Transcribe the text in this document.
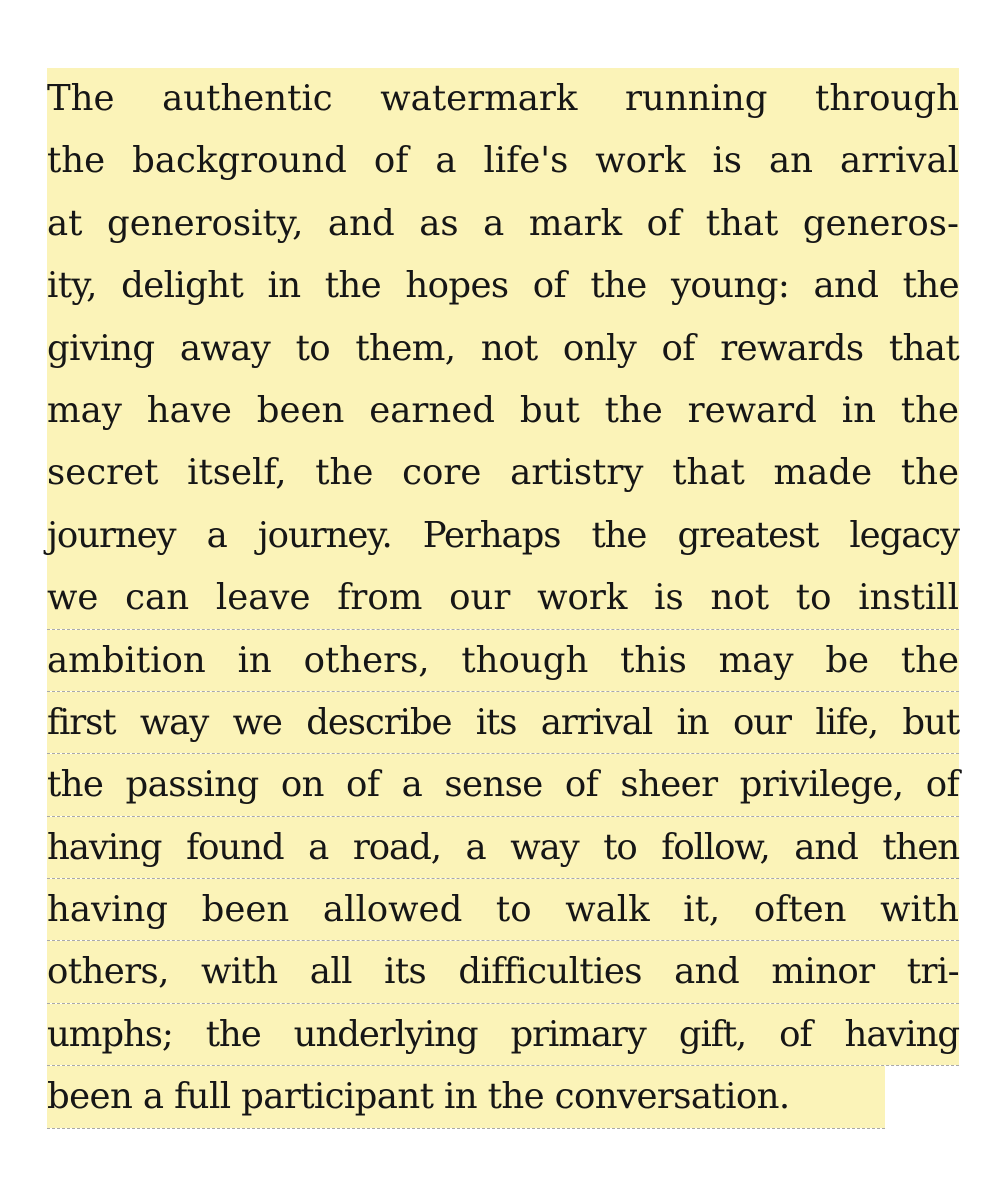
The authentic watermark running through
the background of a life's work is an arrival
at generosity, and as a mark of that generos-
ity, delight in the hopes of the young: and the
giving away to them, not only of rewards that
may have been earned but the reward in the
secret itself, the core artistry that made the
journey a journey. Perhaps the greatest legacy
we can leave from our work is not to instill
ambition in others, though this may be the
first way we describe its arrival in our life, but
the passing on of a sense of sheer privilege, of
having found a road, a way to follow, and then
having been allowed to walk it, often with
others, with all its difficulties and minor tri-
umphs; the underlying primary gift, of having
been a full participant in the conversation.
